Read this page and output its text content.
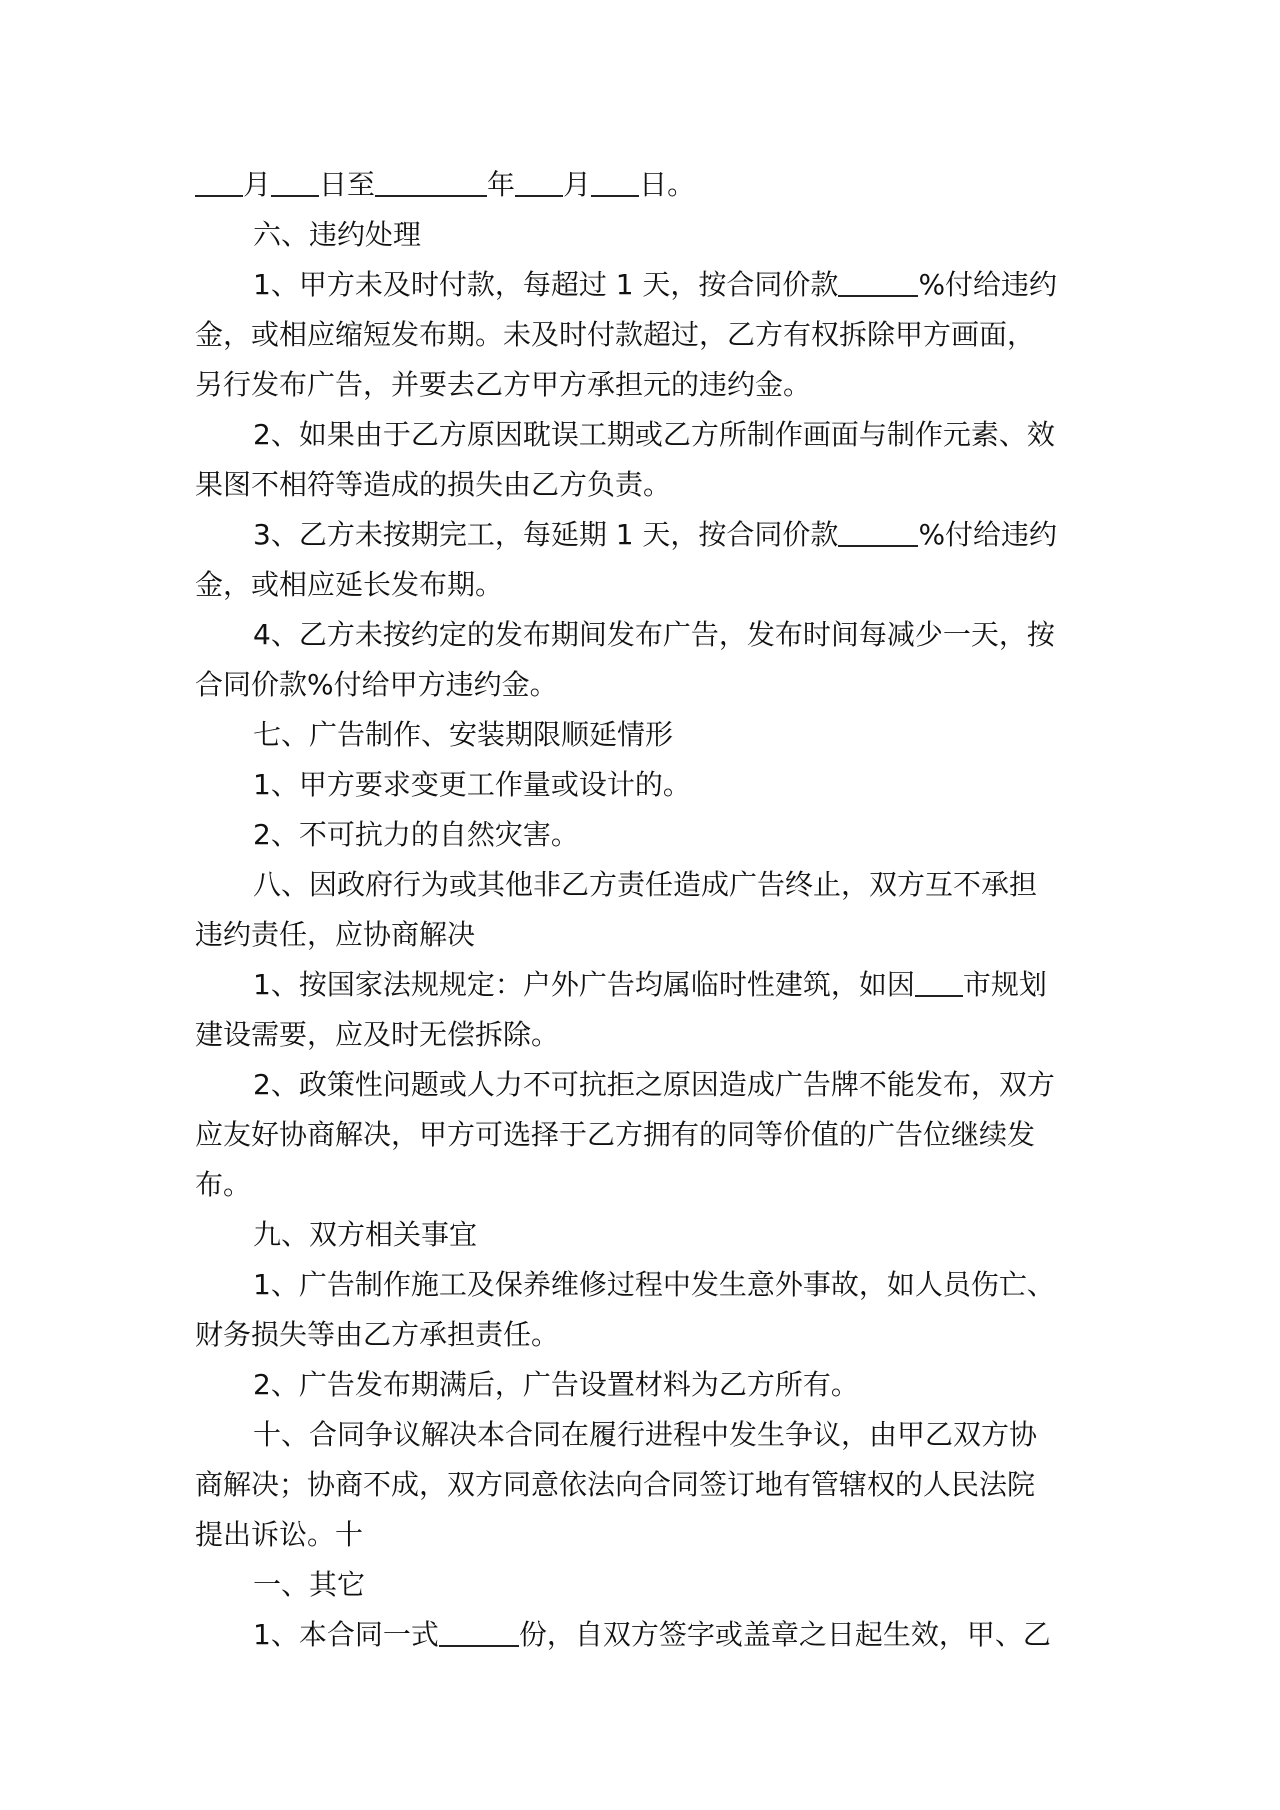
月 日至	年 月 日。
六、违约处理
1、甲方未及时付款，每超过 1 天，按合同价款	%付给违约
金，或相应缩短发布期。未及时付款超过，乙方有权拆除甲方画面，
另行发布广告，并要去乙方甲方承担元的违约金。
2、如果由于乙方原因耽误工期或乙方所制作画面与制作元素、效
果图不相符等造成的损失由乙方负责。
3、乙方未按期完工，每延期 1 天，按合同价款	%付给违约
金，或相应延长发布期。
4、乙方未按约定的发布期间发布广告，发布时间每减少一天，按
合同价款%付给甲方违约金。
七、广告制作、安装期限顺延情形
1、甲方要求变更工作量或设计的。
2、不可抗力的自然灾害。
八、因政府行为或其他非乙方责任造成广告终止，双方互不承担
违约责任，应协商解决
1、按国家法规规定：户外广告均属临时性建筑，如因 市规划
建设需要，应及时无偿拆除。
2、政策性问题或人力不可抗拒之原因造成广告牌不能发布，双方
应友好协商解决，甲方可选择于乙方拥有的同等价值的广告位继续发
布。
九、双方相关事宜
1、广告制作施工及保养维修过程中发生意外事故，如人员伤亡、
财务损失等由乙方承担责任。
2、广告发布期满后，广告设置材料为乙方所有。
十、合同争议解决本合同在履行进程中发生争议，由甲乙双方协
商解决；协商不成，双方同意依法向合同签订地有管辖权的人民法院
提出诉讼。十
一、其它
1、本合同一式	份，自双方签字或盖章之日起生效，甲、乙
